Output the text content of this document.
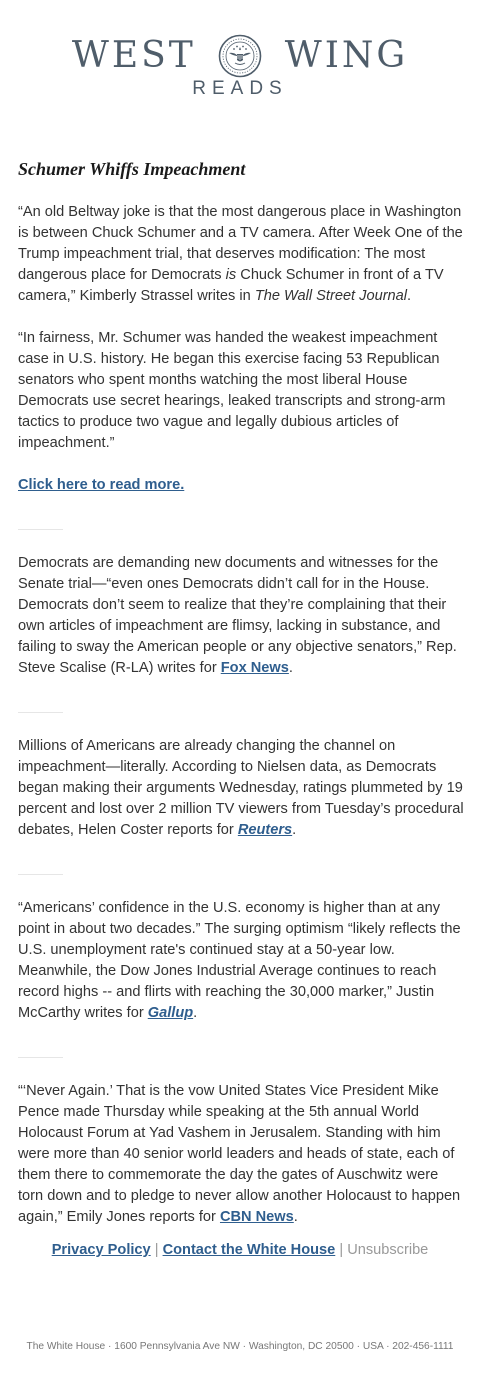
WEST WING
READS
Schumer Whiffs Impeachment

“An old Beltway joke is that the most dangerous place in Washington is between Chuck Schumer and a TV camera. After Week One of the Trump impeachment trial, that deserves modification: The most dangerous place for Democrats is Chuck Schumer in front of a TV camera,” Kimberly Strassel writes in The Wall Street Journal.

“In fairness, Mr. Schumer was handed the weakest impeachment case in U.S. history. He began this exercise facing 53 Republican senators who spent months watching the most liberal House Democrats use secret hearings, leaked transcripts and strong-arm tactics to produce two vague and legally dubious articles of impeachment.”

Click here to read more.

Democrats are demanding new documents and witnesses for the Senate trial—“even ones Democrats didn’t call for in the House. Democrats don’t seem to realize that they’re complaining that their own articles of impeachment are flimsy, lacking in substance, and failing to sway the American people or any objective senators,” Rep. Steve Scalise (R-LA) writes for Fox News.

Millions of Americans are already changing the channel on impeachment—literally. According to Nielsen data, as Democrats began making their arguments Wednesday, ratings plummeted by 19 percent and lost over 2 million TV viewers from Tuesday’s procedural debates, Helen Coster reports for Reuters.

“Americans’ confidence in the U.S. economy is higher than at any point in about two decades.” The surging optimism “likely reflects the U.S. unemployment rate's continued stay at a 50-year low. Meanwhile, the Dow Jones Industrial Average continues to reach record highs -- and flirts with reaching the 30,000 marker,” Justin McCarthy writes for Gallup.

“‘Never Again.’ That is the vow United States Vice President Mike Pence made Thursday while speaking at the 5th annual World Holocaust Forum at Yad Vashem in Jerusalem. Standing with him were more than 40 senior world leaders and heads of state, each of them there to commemorate the day the gates of Auschwitz were torn down and to pledge to never allow another Holocaust to happen again,” Emily Jones reports for CBN News.

Privacy Policy | Contact the White House | Unsubscribe
The White House · 1600 Pennsylvania Ave NW · Washington, DC 20500 · USA · 202-456-1111
